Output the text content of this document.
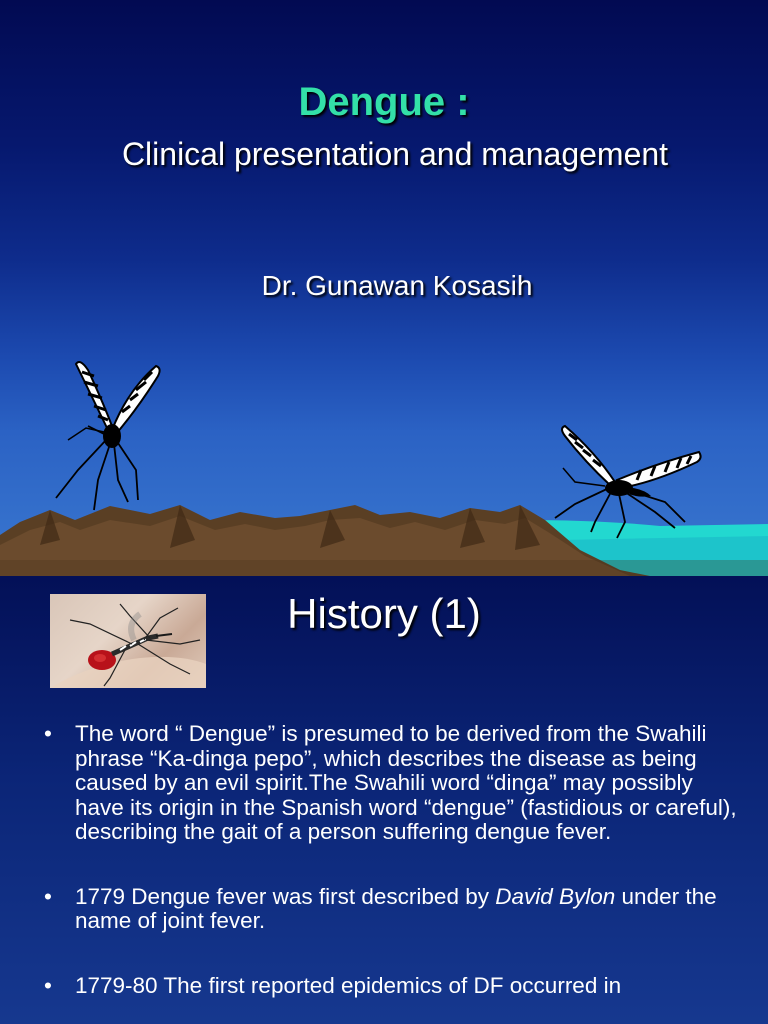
Dengue :
Clinical presentation and management
Dr. Gunawan Kosasih
History (1)
• The word “ Dengue” is presumed to be derived from the Swahili phrase “Ka-dinga pepo”, which describes the disease as being caused by an evil spirit.The Swahili word “dinga” may possibly have its origin in the Spanish word “dengue” (fastidious or careful), describing the gait of a person suffering dengue fever.
• 1779 Dengue fever was first described by David Bylon under the name of joint fever.
• 1779-80 The first reported epidemics of DF occurred in
